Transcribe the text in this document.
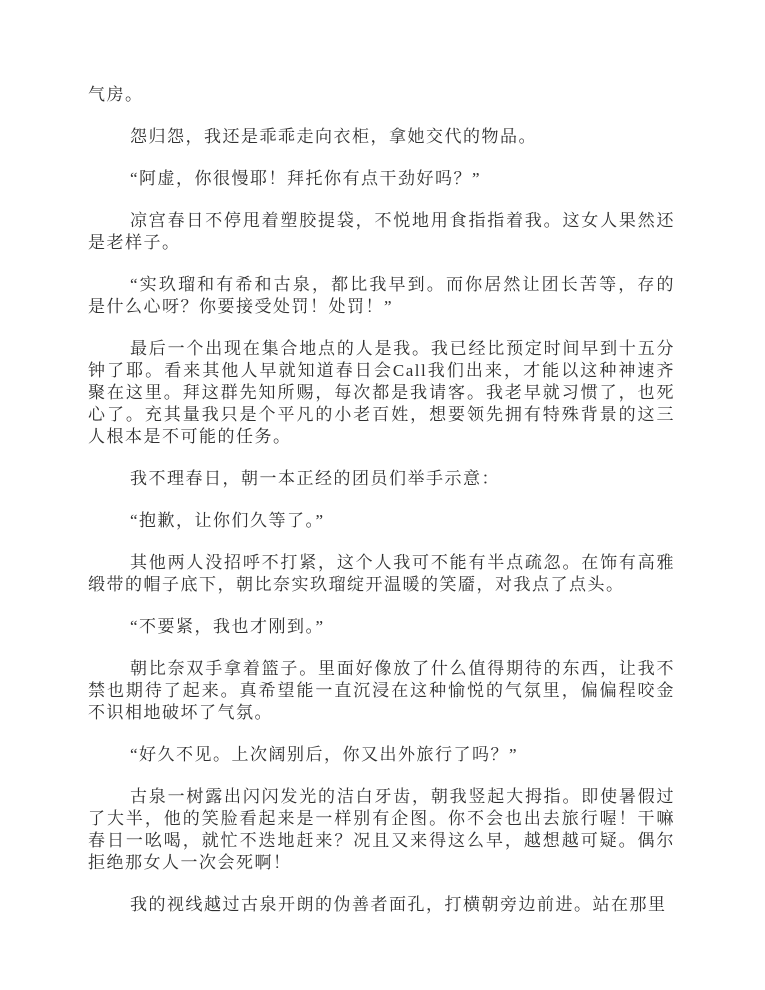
气房。

怨归怨，我还是乖乖走向衣柜，拿她交代的物品。

“阿虚，你很慢耶！拜托你有点干劲好吗？”

凉宫春日不停甩着塑胶提袋，不悦地用食指指着我。这女人果然还是老样子。

“实玖瑠和有希和古泉，都比我早到。而你居然让团长苦等，存的是什么心呀？你要接受处罚！处罚！”

最后一个出现在集合地点的人是我。我已经比预定时间早到十五分钟了耶。看来其他人早就知道春日会Call我们出来，才能以这种神速齐聚在这里。拜这群先知所赐，每次都是我请客。我老早就习惯了，也死心了。充其量我只是个平凡的小老百姓，想要领先拥有特殊背景的这三人根本是不可能的任务。

我不理春日，朝一本正经的团员们举手示意：

“抱歉，让你们久等了。”

其他两人没招呼不打紧，这个人我可不能有半点疏忽。在饰有高雅缎带的帽子底下，朝比奈实玖瑠绽开温暖的笑靥，对我点了点头。

“不要紧，我也才刚到。”

朝比奈双手拿着篮子。里面好像放了什么值得期待的东西，让我不禁也期待了起来。真希望能一直沉浸在这种愉悦的气氛里，偏偏程咬金不识相地破坏了气氛。

“好久不见。上次阔别后，你又出外旅行了吗？”

古泉一树露出闪闪发光的洁白牙齿，朝我竖起大拇指。即使暑假过了大半，他的笑脸看起来是一样别有企图。你不会也出去旅行喔！干嘛春日一吆喝，就忙不迭地赶来？况且又来得这么早，越想越可疑。偶尔拒绝那女人一次会死啊！

我的视线越过古泉开朗的伪善者面孔，打横朝旁边前进。站在那里
